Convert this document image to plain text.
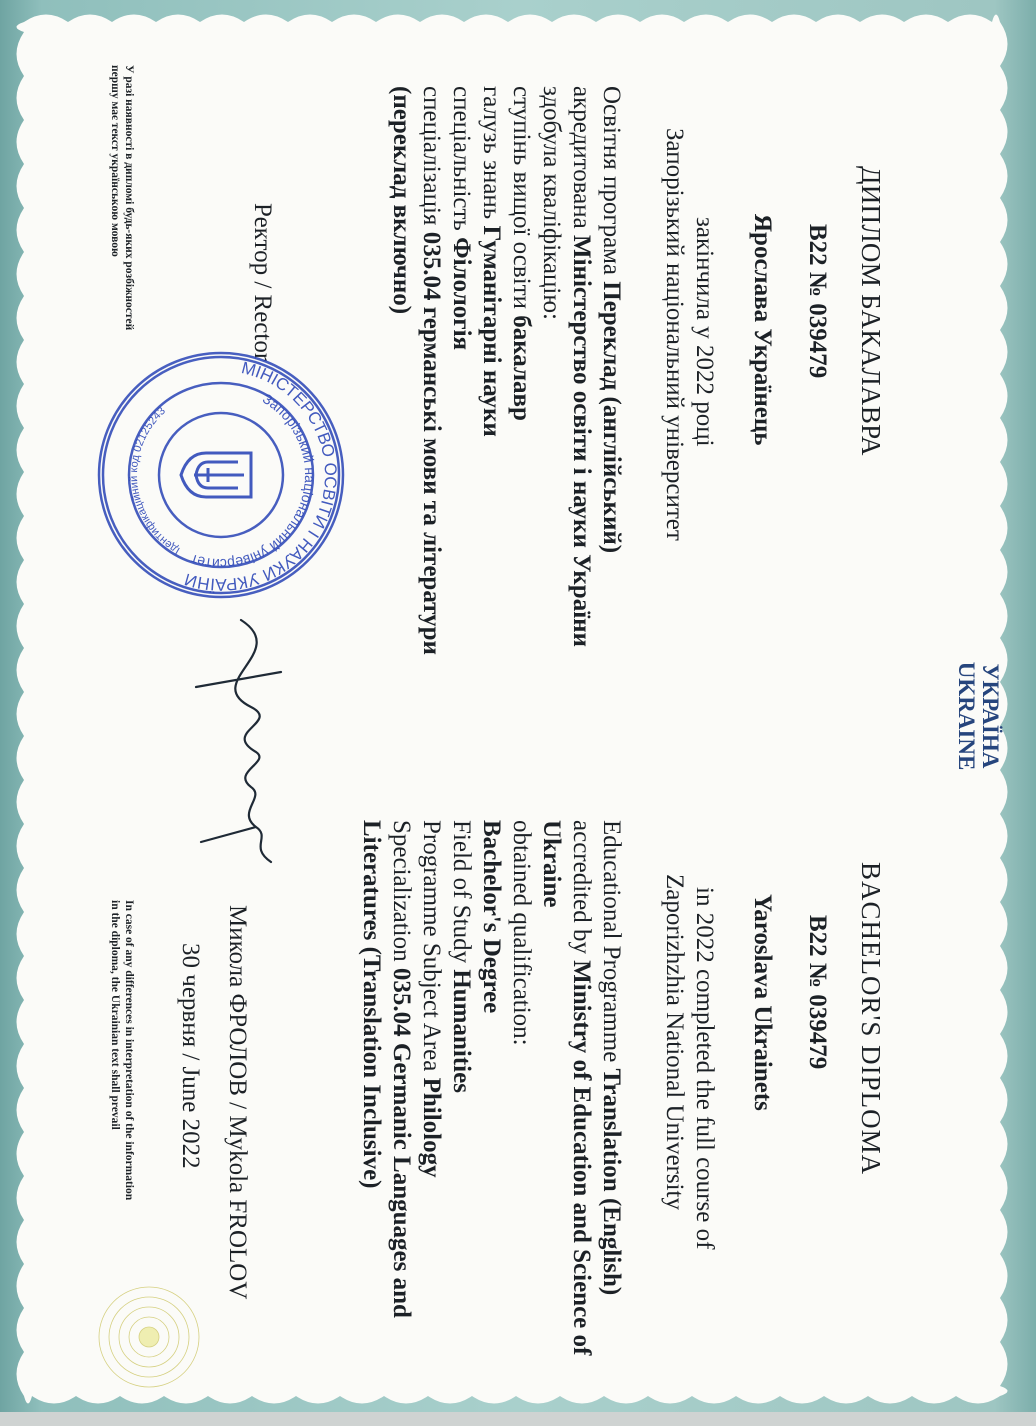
УКРАЇНА
UKRAINE
ДИПЛОМ БАКАЛАВРА
В22 № 039479
Ярослава Українець
закінчила у 2022 році
Запорізький національний університет
Освітня програма Переклад (англійський)
акредитована Міністерство освіти і науки України
здобула кваліфікацію:
ступінь вищої освіти бакалавр
галузь знань Гуманітарні науки
спеціальність Філологія
спеціалізація 035.04 германські мови та літератури
(переклад включно)
Ректор / Rector
У разі наявності в дипломі будь-яких розбіжностей
першу має текст українською мовою
BACHELOR'S DIPLOMA
В22 № 039479
Yaroslava Ukrainets
in 2022 completed the full course of
Zaporizhzhia National University
Educational Programme Translation (English)
accredited by Ministry of Education and Science of
Ukraine
obtained qualification:
Bachelor's Degree
Field of Study Humanities
Programme Subject Area Philology
Specialization 035.04 Germanic Languages and
Literatures (Translation Inclusive)
Микола ФРОЛОВ / Mykola FROLOV
30 червня / June 2022
In case of any differences in interpretation of the information
in the diploma, the Ukrainian text shall prevail
МІНІСТЕРСТВО ОСВІТИ І НАУКИ УКРАЇНИ
Запорізький національний університет
Ідентифікаційний код 02125243
